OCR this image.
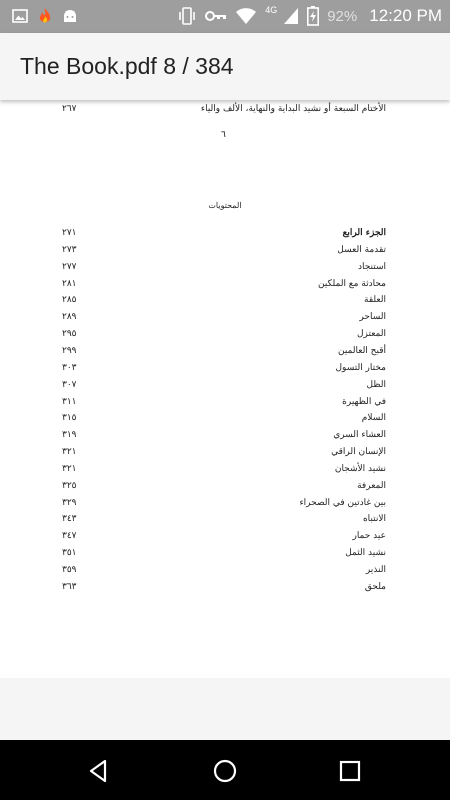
4G	92% 12:20 PM
The Book.pdf 8 / 384
الأختام السبعة أو نشيد البداية والنهاية، الألف والياء
٢٦٧
٦
المحتويات
الجزء الرابع
٢٧١
تقدمة العسل
٢٧٣
استنجاد
٢٧٧
محادثة مع الملكين
٢٨١
العلقة
٢٨٥
الساحر
٢٨٩
المعتزل
٢٩٥
أقبح العالمين
٢٩٩
مختار التسول
٣٠٣
الظل
٣٠٧
في الظهيرة
٣١١
السلام
٣١٥
العشاء السري
٣١٩
الإنسان الراقي
٣٢١
نشيد الأشجان
٣٢١
المعرفة
٣٢٥
بين غادتين في الصحراء
٣٢٩
الانتباه
٣٤٣
عيد حمار
٣٤٧
نشيد الثمل
٣٥١
النذير
٣٥٩
ملحق
٣٦٣
